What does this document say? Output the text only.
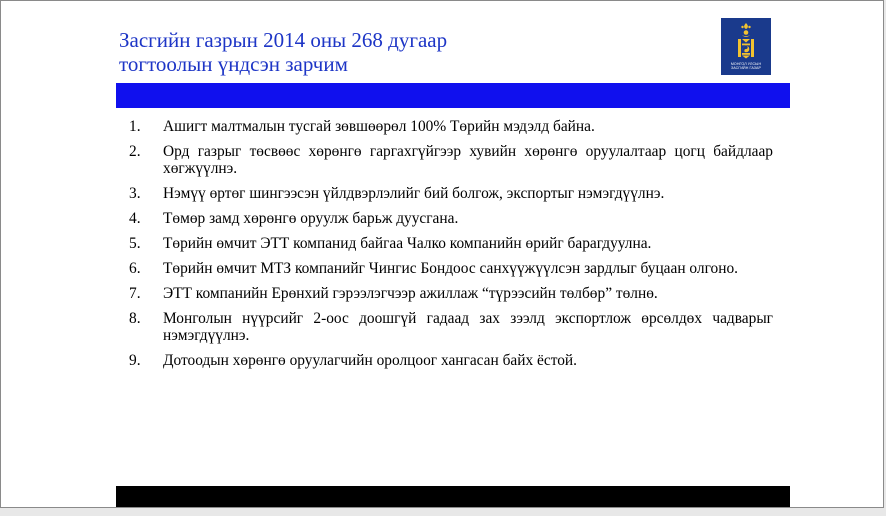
Засгийн газрын 2014 оны 268 дугаар
тогтоолын үндсэн зарчим	МОНГОЛ УЛСЫН
ЗАСГИЙН ГАЗАР
1. Ашигт малтмалын тусгай зөвшөөрөл 100% Төрийн мэдэлд байна.
2. Орд газрыг төсвөөс хөрөнгө гаргахгүйгээр хувийн хөрөнгө оруулалтаар цогц байдлаар хөгжүүлнэ.
3. Нэмүү өртөг шингээсэн үйлдвэрлэлийг бий болгож, экспортыг нэмэгдүүлнэ.
4. Төмөр замд хөрөнгө оруулж барьж дуусгана.
5. Төрийн өмчит ЭТТ компанид байгаа Чалко компанийн өрийг барагдуулна.
6. Төрийн өмчит МТЗ компанийг Чингис Бондоос санхүүжүүлсэн зардлыг буцаан олгоно.
7. ЭТТ компанийн Ерөнхий гэрээлэгчээр ажиллаж “түрээсийн төлбөр” төлнө.
8. Монголын нүүрсийг 2-оос доошгүй гадаад зах зээлд экспортлож өрсөлдөх чадварыг нэмэгдүүлнэ.
9. Дотоодын хөрөнгө оруулагчийн оролцоог хангасан байх ёстой.
